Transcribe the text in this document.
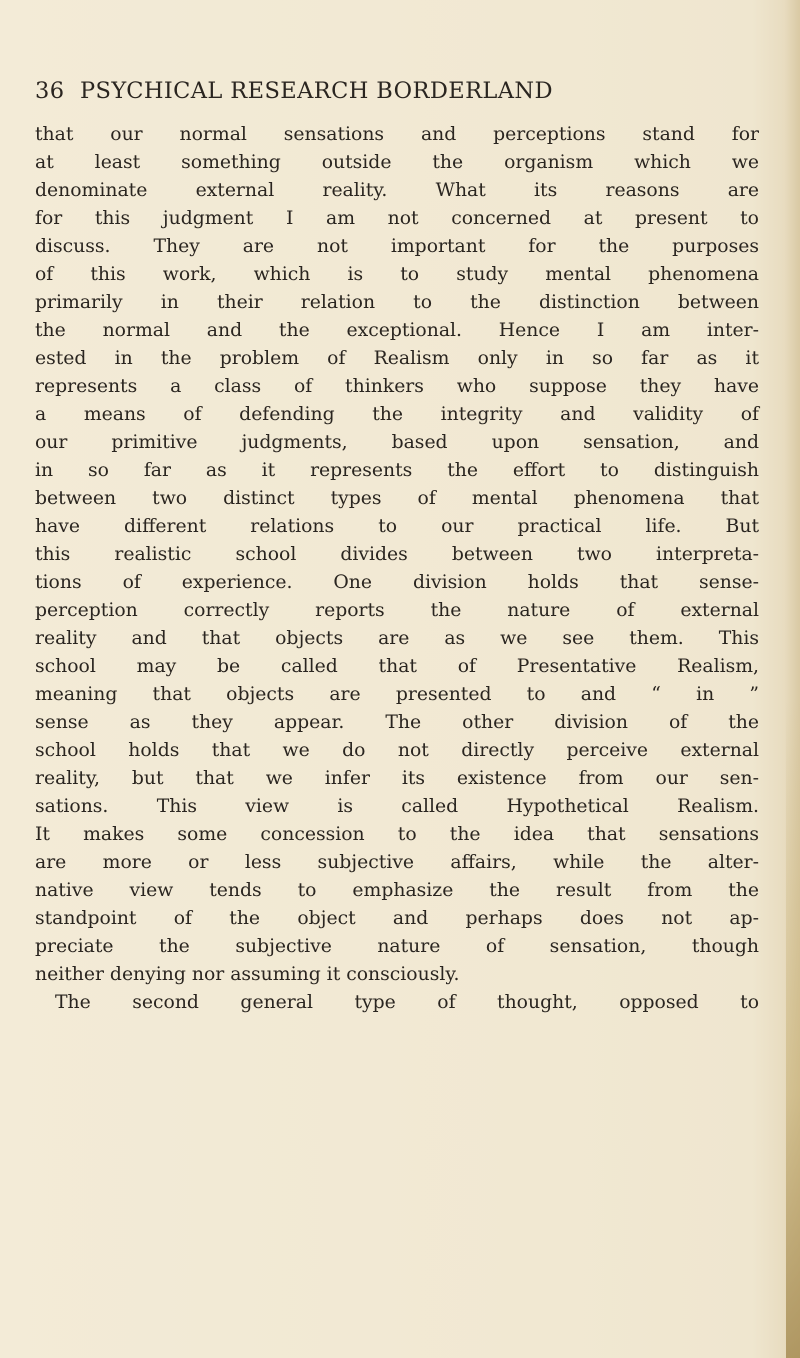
36 PSYCHICAL RESEARCH BORDERLAND
that our normal sensations and perceptions stand for
at least something outside the organism which we
denominate external reality. What its reasons are
for this judgment I am not concerned at present to
discuss. They are not important for the purposes
of this work, which is to study mental phenomena
primarily in their relation to the distinction between
the normal and the exceptional. Hence I am inter-
ested in the problem of Realism only in so far as it
represents a class of thinkers who suppose they have
a means of defending the integrity and validity of
our primitive judgments, based upon sensation, and
in so far as it represents the effort to distinguish
between two distinct types of mental phenomena that
have different relations to our practical life. But
this realistic school divides between two interpreta-
tions of experience. One division holds that sense-
perception correctly reports the nature of external
reality and that objects are as we see them. This
school may be called that of Presentative Realism,
meaning that objects are presented to and “ in ”
sense as they appear. The other division of the
school holds that we do not directly perceive external
reality, but that we infer its existence from our sen-
sations. This view is called Hypothetical Realism.
It makes some concession to the idea that sensations
are more or less subjective affairs, while the alter-
native view tends to emphasize the result from the
standpoint of the object and perhaps does not ap-
preciate the subjective nature of sensation, though
neither denying nor assuming it consciously.
The second general type of thought, opposed to
